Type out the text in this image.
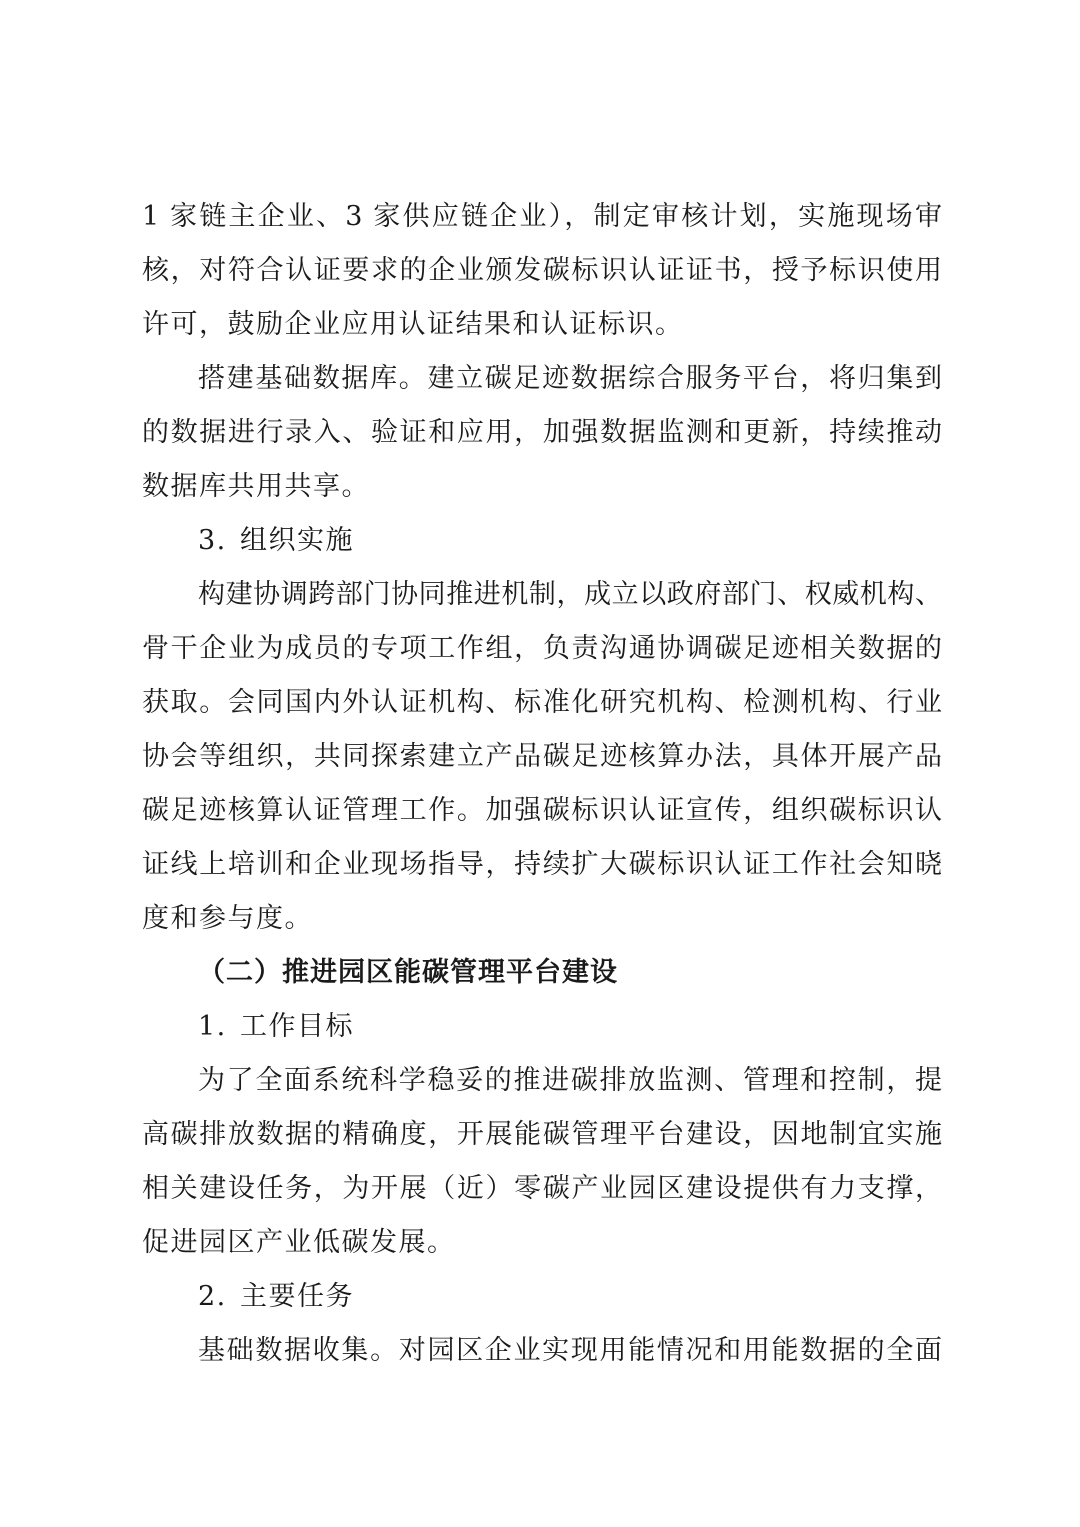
1 家链主企业、3 家供应链企业），制定审核计划，实施现场审
核，对符合认证要求的企业颁发碳标识认证证书，授予标识使用
许可，鼓励企业应用认证结果和认证标识。
搭建基础数据库。建立碳足迹数据综合服务平台，将归集到
的数据进行录入、验证和应用，加强数据监测和更新，持续推动
数据库共用共享。
3. 组织实施
构建协调跨部门协同推进机制，成立以政府部门、权威机构、
骨干企业为成员的专项工作组，负责沟通协调碳足迹相关数据的
获取。会同国内外认证机构、标准化研究机构、检测机构、行业
协会等组织，共同探索建立产品碳足迹核算办法，具体开展产品
碳足迹核算认证管理工作。加强碳标识认证宣传，组织碳标识认
证线上培训和企业现场指导，持续扩大碳标识认证工作社会知晓
度和参与度。
（二）推进园区能碳管理平台建设
1. 工作目标
为了全面系统科学稳妥的推进碳排放监测、管理和控制，提
高碳排放数据的精确度，开展能碳管理平台建设，因地制宜实施
相关建设任务，为开展（近）零碳产业园区建设提供有力支撑，
促进园区产业低碳发展。
2. 主要任务
基础数据收集。对园区企业实现用能情况和用能数据的全面
